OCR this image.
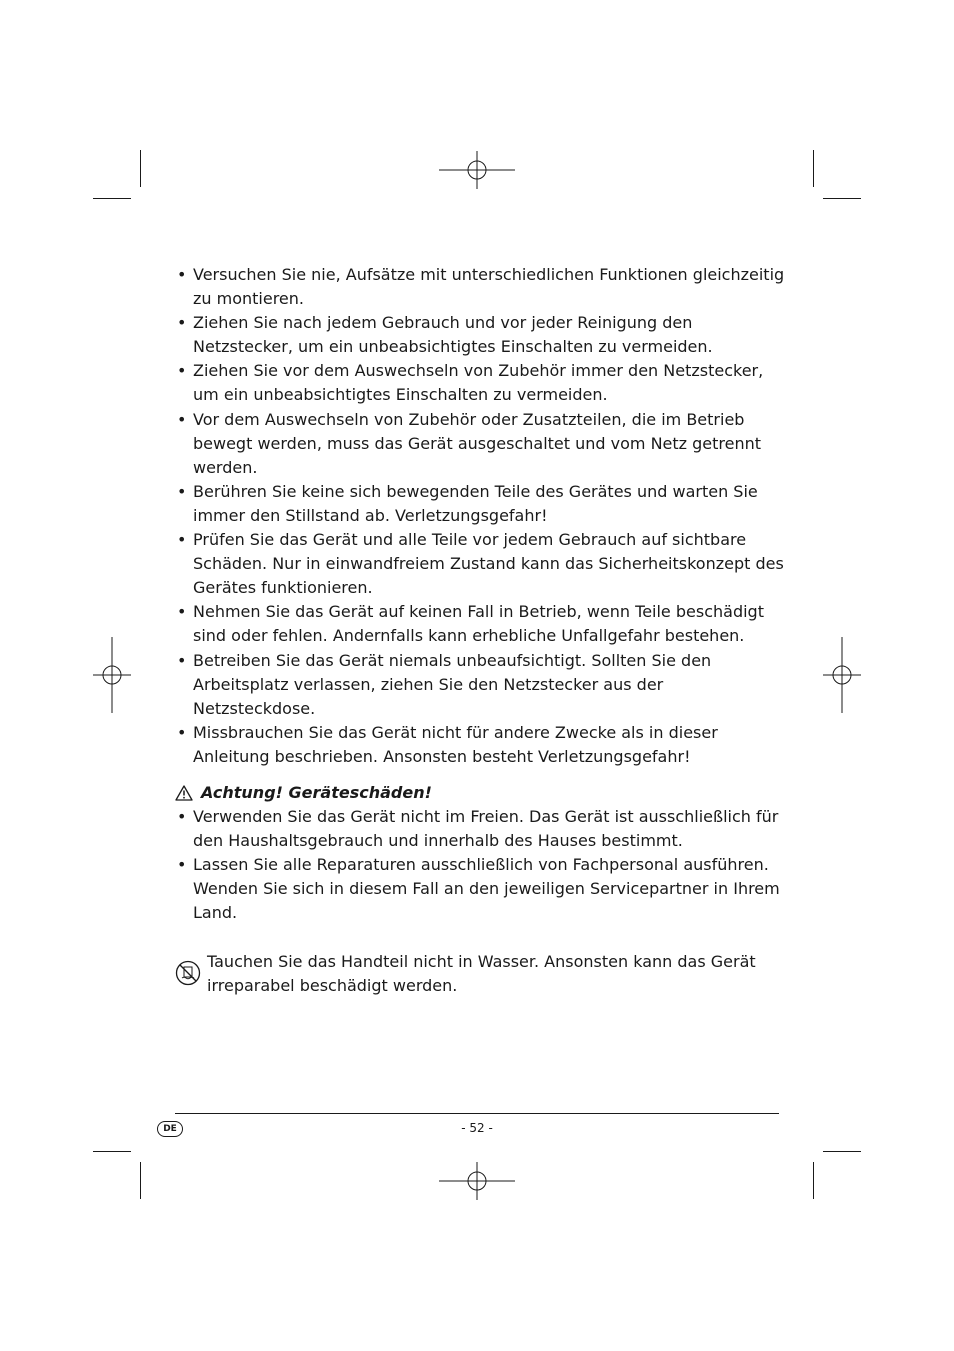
• Versuchen Sie nie, Aufsätze mit unterschiedlichen Funktionen gleichzeitig zu montieren.
• Ziehen Sie nach jedem Gebrauch und vor jeder Reinigung den Netzstecker, um ein unbeabsichtigtes Einschalten zu vermeiden.
• Ziehen Sie vor dem Auswechseln von Zubehör immer den Netzstecker, um ein unbeabsichtigtes Einschalten zu vermeiden.
• Vor dem Auswechseln von Zubehör oder Zusatzteilen, die im Betrieb bewegt werden, muss das Gerät ausgeschaltet und vom Netz getrennt werden.
• Berühren Sie keine sich bewegenden Teile des Gerätes und warten Sie immer den Stillstand ab. Verletzungsgefahr!
• Prüfen Sie das Gerät und alle Teile vor jedem Gebrauch auf sichtbare Schäden. Nur in einwandfreiem Zustand kann das Sicherheitskonzept des Gerätes funktionieren.
• Nehmen Sie das Gerät auf keinen Fall in Betrieb, wenn Teile beschädigt sind oder fehlen. Andernfalls kann erhebliche Unfallgefahr bestehen.
• Betreiben Sie das Gerät niemals unbeaufsichtigt. Sollten Sie den Arbeitsplatz verlassen, ziehen Sie den Netzstecker aus der Netzsteckdose.
• Missbrauchen Sie das Gerät nicht für andere Zwecke als in dieser Anleitung beschrieben. Ansonsten besteht Verletzungsgefahr!
Achtung! Geräteschäden!
• Verwenden Sie das Gerät nicht im Freien. Das Gerät ist ausschließlich für den Haushaltsgebrauch und innerhalb des Hauses bestimmt.
• Lassen Sie alle Reparaturen ausschließlich von Fachpersonal ausführen. Wenden Sie sich in diesem Fall an den jeweiligen Servicepartner in Ihrem Land.

Tauchen Sie das Handteil nicht in Wasser. Ansonsten kann das Gerät irreparabel beschädigt werden.

DE	- 52 -
